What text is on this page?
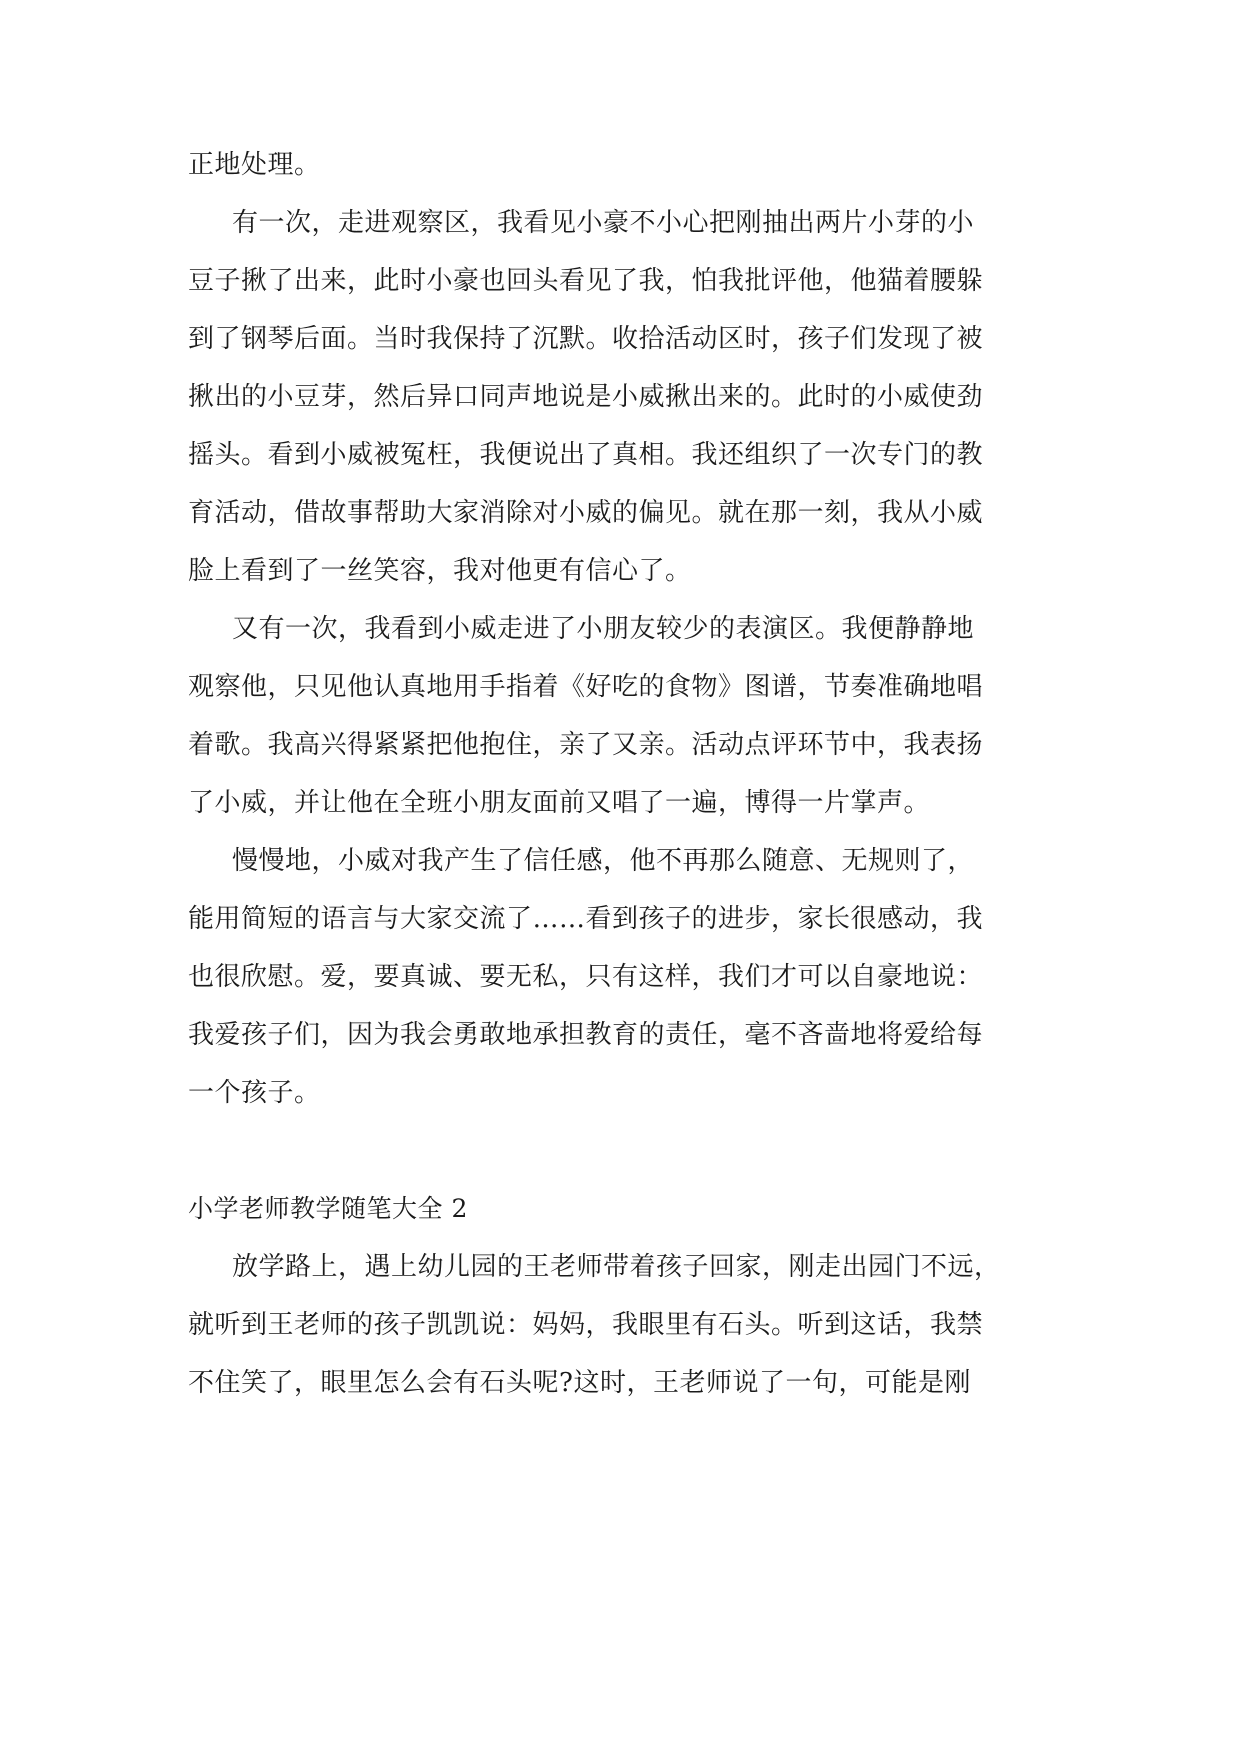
正地处理。
有一次，走进观察区，我看见小豪不小心把刚抽出两片小芽的小
豆子揪了出来，此时小豪也回头看见了我，怕我批评他，他猫着腰躲
到了钢琴后面。当时我保持了沉默。收拾活动区时，孩子们发现了被
揪出的小豆芽，然后异口同声地说是小威揪出来的。此时的小威使劲
摇头。看到小威被冤枉，我便说出了真相。我还组织了一次专门的教
育活动，借故事帮助大家消除对小威的偏见。就在那一刻，我从小威
脸上看到了一丝笑容，我对他更有信心了。
又有一次，我看到小威走进了小朋友较少的表演区。我便静静地
观察他，只见他认真地用手指着《好吃的食物》图谱，节奏准确地唱
着歌。我高兴得紧紧把他抱住，亲了又亲。活动点评环节中，我表扬
了小威，并让他在全班小朋友面前又唱了一遍，博得一片掌声。
慢慢地，小威对我产生了信任感，他不再那么随意、无规则了，
能用简短的语言与大家交流了……看到孩子的进步，家长很感动，我
也很欣慰。爱，要真诚、要无私，只有这样，我们才可以自豪地说：
我爱孩子们，因为我会勇敢地承担教育的责任，毫不吝啬地将爱给每
一个孩子。
小学老师教学随笔大全 2
放学路上，遇上幼儿园的王老师带着孩子回家，刚走出园门不远，
就听到王老师的孩子凯凯说：妈妈，我眼里有石头。听到这话，我禁
不住笑了，眼里怎么会有石头呢?这时，王老师说了一句，可能是刚
